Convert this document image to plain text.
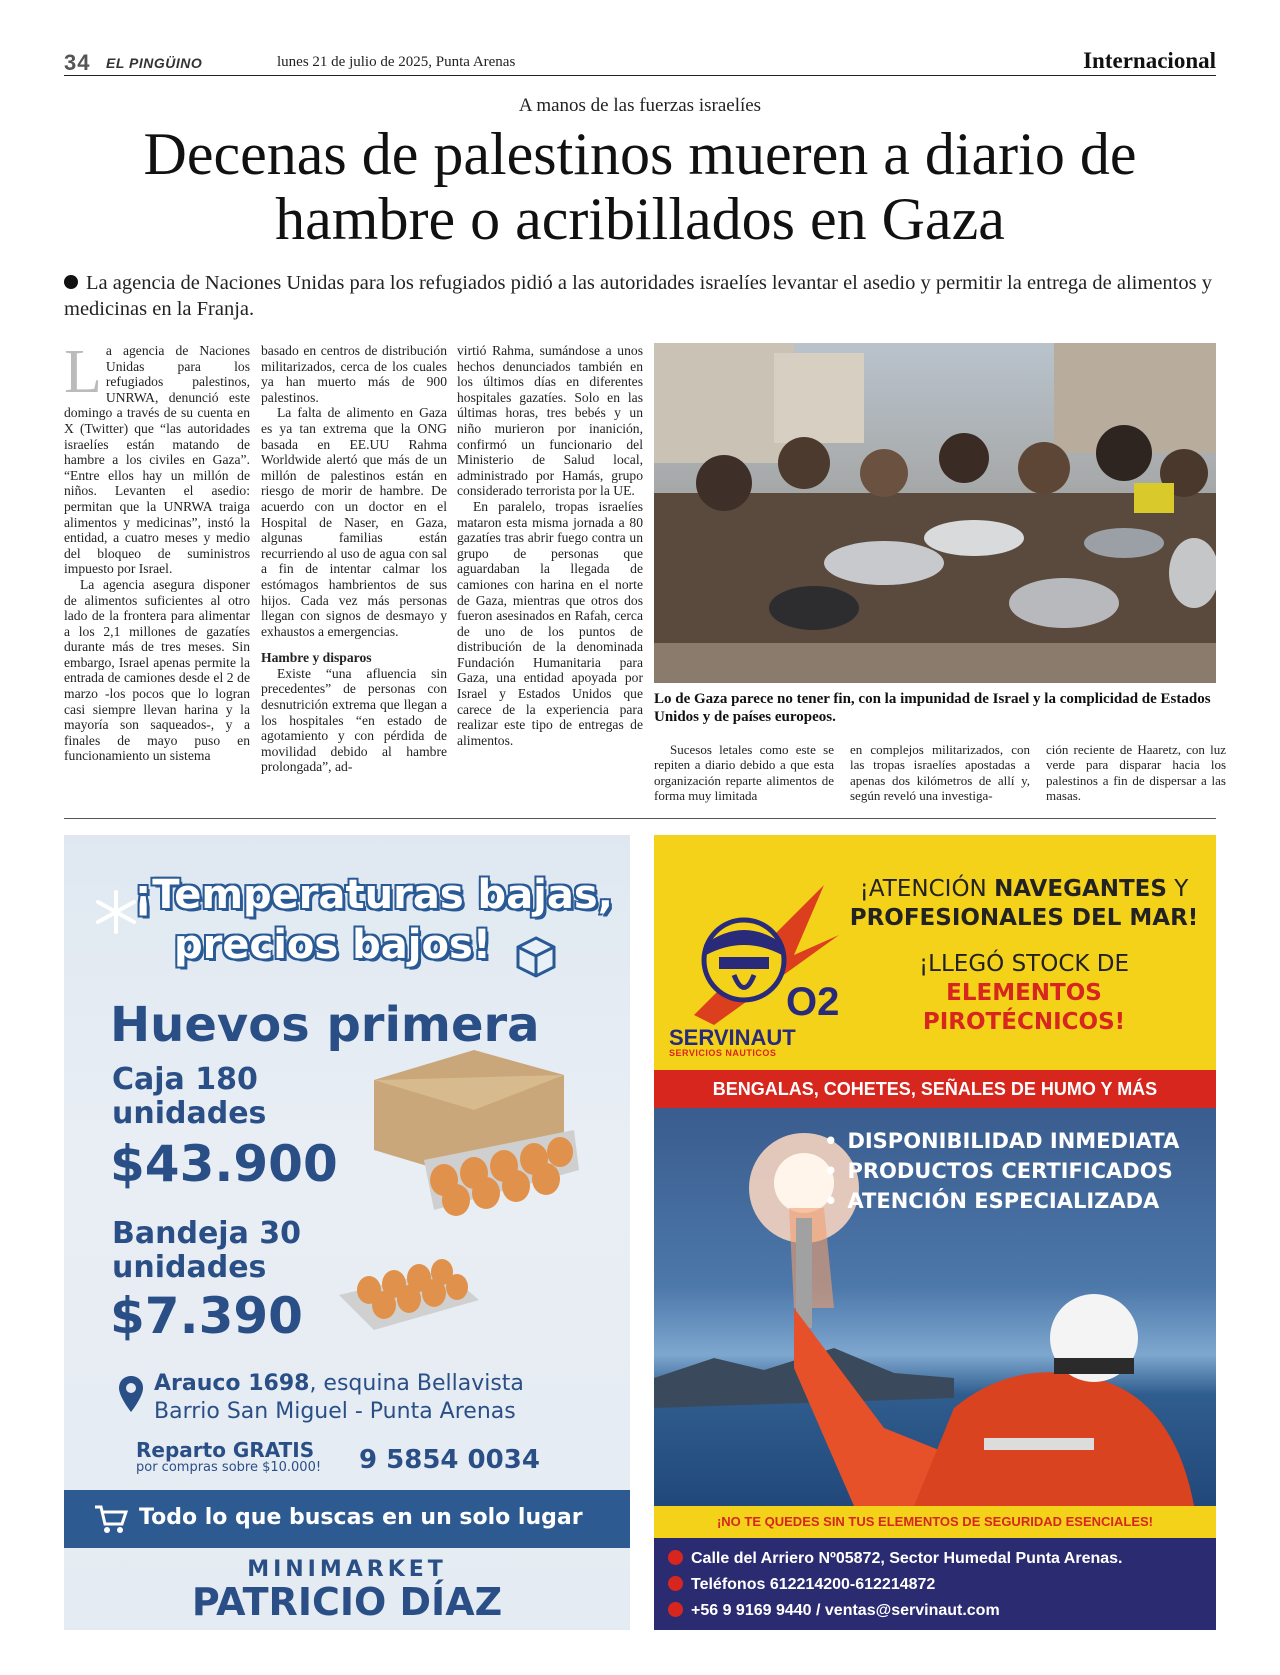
34 EL PINGÜINO	lunes 21 de julio de 2025, Punta Arenas	Internacional
A manos de las fuerzas israelíes
Decenas de palestinos mueren a diario de hambre o acribillados en Gaza
La agencia de Naciones Unidas para los refugiados pidió a las autoridades israelíes levantar el asedio y permitir la entrega de alimentos y medicinas en la Franja.

La agencia de Naciones Unidas para los refugiados palestinos, UNRWA, denunció este domingo a través de su cuenta en X (Twitter) que “las autoridades israelíes están matando de hambre a los civiles en Gaza”. “Entre ellos hay un millón de niños. Levanten el asedio: permitan que la UNRWA traiga alimentos y medicinas”, instó la entidad, a cuatro meses y medio del bloqueo de suministros impuesto por Israel.

La agencia asegura disponer de alimentos suficientes al otro lado de la frontera para alimentar a los 2,1 millones de gazatíes durante más de tres meses. Sin embargo, Israel apenas permite la entrada de camiones desde el 2 de marzo -los pocos que lo logran casi siempre llevan harina y la mayoría son saqueados-, y a finales de mayo puso en funcionamiento un sistema

basado en centros de distribución militarizados, cerca de los cuales ya han muerto más de 900 palestinos.

La falta de alimento en Gaza es ya tan extrema que la ONG basada en EE.UU Rahma Worldwide alertó que más de un millón de palestinos están en riesgo de morir de hambre. De acuerdo con un doctor en el Hospital de Naser, en Gaza, algunas familias están recurriendo al uso de agua con sal a fin de intentar calmar los estómagos hambrientos de sus hijos. Cada vez más personas llegan con signos de desmayo y exhaustos a emergencias.

Hambre y disparos

Existe “una afluencia sin precedentes” de personas con desnutrición extrema que llegan a los hospitales “en estado de agotamiento y con pérdida de movilidad debido al hambre prolongada”, ad-

virtió Rahma, sumándose a unos hechos denunciados también en los últimos días en diferentes hospitales gazatíes. Solo en las últimas horas, tres bebés y un niño murieron por inanición, confirmó un funcionario del Ministerio de Salud local, administrado por Hamás, grupo considerado terrorista por la UE.

En paralelo, tropas israelíes mataron esta misma jornada a 80 gazatíes tras abrir fuego contra un grupo de personas que aguardaban la llegada de camiones con harina en el norte de Gaza, mientras que otros dos fueron asesinados en Rafah, cerca de uno de los puntos de distribución de la denominada Fundación Humanitaria para Gaza, una entidad apoyada por Israel y Estados Unidos que carece de la experiencia para realizar este tipo de entregas de alimentos.

Lo de Gaza parece no tener fin, con la impunidad de Israel y la complicidad de Estados Unidos y de países europeos.

Sucesos letales como este se repiten a diario debido a que esta organización reparte alimentos de forma muy limitada

en complejos militarizados, con las tropas israelíes apostadas a apenas dos kilómetros de allí y, según reveló una investiga-

ción reciente de Haaretz, con luz verde para disparar hacia los palestinos a fin de dispersar a las masas.

¡Temperaturas bajas,
precios bajos!
Huevos primera
Caja 180 unidades
$43.900
Bandeja 30 unidades
$7.390
Arauco 1698, esquina Bellavista
Barrio San Miguel - Punta Arenas
Reparto GRATIS
por compras sobre $10.000! 9 5854 0034
Todo lo que buscas en un solo lugar
MINIMARKET
PATRICIO DÍAZ
O2
SERVINAUT
SERVICIOS NAUTICOS
¡ATENCIÓN NAVEGANTES Y
PROFESIONALES DEL MAR!
¡LLEGÓ STOCK DE
ELEMENTOS
PIROTÉCNICOS!
BENGALAS, COHETES, SEÑALES DE HUMO Y MÁS
• DISPONIBILIDAD INMEDIATA
• PRODUCTOS CERTIFICADOS
• ATENCIÓN ESPECIALIZADA
¡NO TE QUEDES SIN TUS ELEMENTOS DE SEGURIDAD ESENCIALES!
Calle del Arriero Nº05872, Sector Humedal Punta Arenas.
Teléfonos 612214200-612214872
+56 9 9169 9440 / ventas@servinaut.com
